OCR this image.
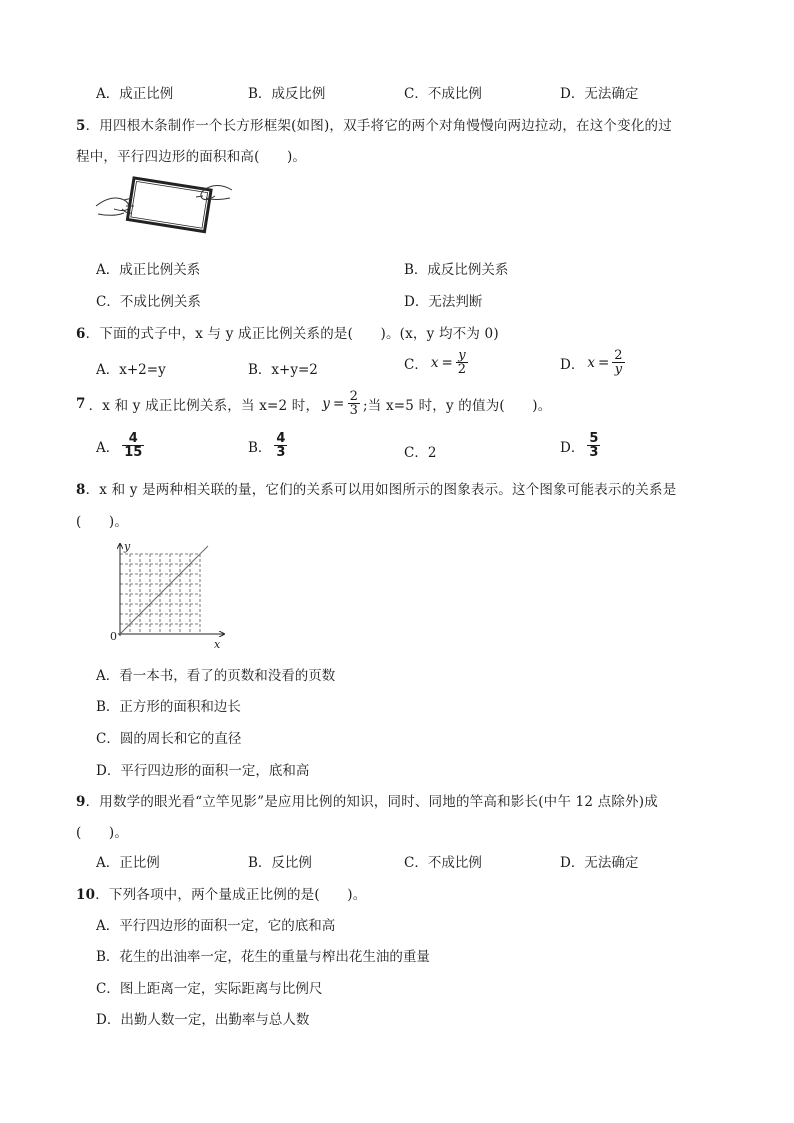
A．成正比例	B．成反比例	C．不成比例	D．无法确定
5．用四根木条制作一个长方形框架(如图)，双手将它的两个对角慢慢向两边拉动，在这个变化的过
程中，平行四边形的面积和高(　　)。
A．成正比例关系	B．成反比例关系
C．不成比例关系	D．无法判断
6．下面的式子中，x 与 y 成正比例关系的是(　　)。(x，y 均不为 0)
A．x+2=y	B．x+y=2	C． $x = \frac{y}{2}$	D． $x = \frac{2}{y}$
7 ．x 和 y 成正比例关系，当 x=2 时， $y = \frac{2}{3}$ ;当 x=5 时，y 的值为(　　)。
A． $\frac{4}{15}$	B． $\frac{4}{3}$	C．2	D． $\frac{5}{3}$
8．x 和 y 是两种相关联的量，它们的关系可以用如图所示的图象表示。这个图象可能表示的关系是
(　　)。
y
x
0
A．看一本书，看了的页数和没看的页数
B．正方形的面积和边长
C．圆的周长和它的直径
D．平行四边形的面积一定，底和高
9．用数学的眼光看“立竿见影”是应用比例的知识，同时、同地的竿高和影长(中午 12 点除外)成
(　　)。
A．正比例	B．反比例	C．不成比例	D．无法确定
10．下列各项中，两个量成正比例的是(　　)。
A．平行四边形的面积一定，它的底和高
B．花生的出油率一定，花生的重量与榨出花生油的重量
C．图上距离一定，实际距离与比例尺
D．出勤人数一定，出勤率与总人数
